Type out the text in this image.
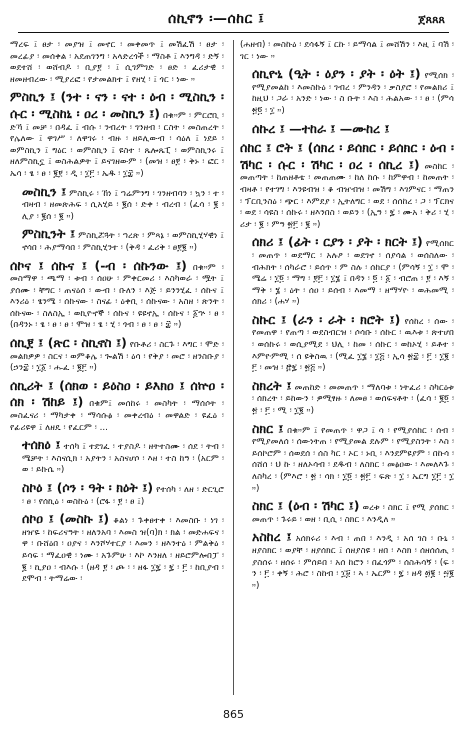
ሰኪኖን ፡—ሰከር ፤	ጀጸጸጸ

ማረፍ ፤ ፀታ ፡ መያዝ ፤ መኖር ፡ መቀመጥ ፤ መሽፈሽ ፡ ፀታ ፡ መረፊያ ፡ መሰቀል ፡ አደጠገንግ ፡ አላድረጎች ፡ ማስቶ ፤ እንግዳ ፡ ድኝ ፡ ወደተሸ ፡ ወሸብዶ ፡ ቢያ፻ ፡ ፤ ሲገምገድ ፡ ፀድ ፡ ፈሪታዊ ፡ ዘመዘብረው ፡ ሚያረፎ ፡ የታመልክተ ፤ የዘሂ ፡ ፤ ጎር ፡ ነው ።

ምስኪን ፤ (ንተ ፡ ናን ፡ ናተ ፡ ዕብ ፡ ሚስኪን ፡ ሱር ፡ ሚስከኒ ፡ ዐረ ፡ መስኪን ፤) በቁ።ም ፡ ምርሮቢ ፡ ድኻ ፤ መቻ ፡ በዳፈ ፤ ብሱ ፡ ንብረት ፡ ገንዘብ ፡ ርስት ፡ መስጠረት ፡ የሌለው ፤ ዋገሥ ፡ ለዋገሩ ፡ ብዙ ፡ ዘይሊውብ ፡ ሳዕለ ፤ ነደይ ፡ ወምስኪን ፤ ግዕር ፡ ወምስኪን ፤ ዩስተ ፡ ጼሎጼፒ ፡ ወምስኪንሩ ፤ ዘለምስኪኗ ፤ ወስሕልዎት ፤ ይናገዘውም ፡ (መዝ ፡ ፀ፻ ፡ ቅኑ ፡ ፎር ፡ ኤሳ ፡ ፄ ፡ ፀ ፡ ፪፻ ፡ ዲ ፡ ፲፫ ፡ ኤዱ ፡ ፲፰ ።)

መስኪን ፤ ምስኪሩ ፡ ኸነ ፤ ኀሬምንግ ፡ ገንዘብባን ፡ ኳን ፡ ተ ፡ ብዛብ ፡ ዘመጽሕፍ ፡ ሲአሂይ ፡ ፪ሰ ፡ ድቀ ፡ ብረብ ፡ (ፈሳ ፡ ፪ ፡ ሊያ ፡ ፪ሰ ፡ ፪ ።)

ምስኪንት ፤ ምስኪሯጓት ፡ ኀረጽ ፡ ምጻኔ ፡ ወምስኪሂሃዊነ ፤ ኖሳበ ፡ ሕያማሳበ ፡ ምስኪሂንተ ፡ (ቅዳ ፡ ፈሪቅ ፡ ፀ፻፪ ።)

ሰኮና ፤ ሰኩና ፤ (-ብ ፡ ሰኩንው ፤) በቁ።ም ፡ መስማዋ ፡ ጫማ ፡ ቱብ ፡ ሰዐሁ ፡ ምቀርመሪ ፡ እስካወራ ፡ ሟት ፤ ያሰሙ ፡ ቸግር ፡ ጠናዕሰ ፡ ውብ ፡ ቡለን ፡ እጅ ፡ ይንንሂፈ ፡ ሰኩና ፤ እንሪዕ ፡ ፄንሜ ፡ ሰኩናው ፡ ስናፊ ፡ ዕቀቢ ፡ ሰኩናው ፡ አስዘ ፡ ጽንት ፡ ሰኩናው ፡ ስለስኢ ፡ ወኪዮኖኞ ፡ ሰኩና ፡ ዩዩኖኢ ፡ ሰኩና ፡ ፩ኍ ፡ ፀ ፡ (በዳንኑ ፡ ፄ ፡ ፀ ፡ ፀ ፡ ሞዝ ፡ ፄ ፡ ሂ ፡ ጎብ ፡ ፀ ፡ ፀ ፡ ፰ ።)

ሰኪ፻ ፤ (ጽር ፡ ስኪኖስ ፤) የቡቶሪ ፡ ስርጉ ፡ እግር ፡ ሞድ ፡ መልክዎዎ ፡ ስርና ፡ ወምቆሌ ፡ ጐልሽ ፡ ዕሳ ፡ የቅያ ፡ መሮ ፡ ዘንስቡያ ፡ (ኃን፰ ፡ ፲፩ ፡ ሑፈ ፡ ፪፫ ።)

ሰኪሪት ፤ (ሰክወ ፡ ይዕስዐ ፡ ይእክዐ ፤ ሰኵዐ ፡ ሰክ ፡ ሽከይ ፤) በቁም፤ መሰከሩ ፡ መስካት ፡ ማሰሶት ፡ መስፈናሪ ፡ ማካታቀ ፡ ማሳሱፅ ፡ መቀረብዕ ፡ መዋልድ ፡ ዩፈዕ ፡ የፊሪዩዋ ፤ ለዘዴ ፡ የፈርም ፡ ...

ተሰክዕ ፤ ተሰካ ፤ ተደገፈ ፡ ተያስዶ ፡ ዘትተስሙ ፡ ሰደ ፡ ትብ ፡ ሜቻት ፡ እስናሲክ ፡ አያትን ፡ አስናሆሶ ፡ እዘ ፡ ተስ ከዓ ፡ (አርም ፡ ወ ፡ ይኩሴ ።)

ስኮዕ ፤ (ሶን ፡ ዓት ፡ ክዕት ፤) የተሰካ ፡ ለዘ ፡ ድርጊሮ ፡ ፀ ፡ የሰኪዕ ፡ ወስኩዕ ፡ (ሮፋ ፡ ፻ ፡ ፀ ፤)

ሰኮዐ ፤ (መስኩ ፤) ቆልነ ፡ ጉቀፀተቀ ፡ እመስቡ ፡ ነገ ፡ ዘዠዬ ፡ ከፍሪናዓት ፡ ዘለንአባ ፡ እመስ ዝ(ባ)ክ ፡ ክል ፡ መድሐፍና ፡ ዋ ፡ ቡሸዕበ ፡ ዐያና ፡ እንሾሃተርያ ፡ እመን ፡ ዘእንተዕ ፡ ምልቅዕ ፡ ይሳፍ ፡ ማፈዐዊ ፡ ነሙ ፡ አጉምሁ ፡ እኮ እንዘለ ፡ ዘይሮምሎበፓ ፡ ፪ ፡ ኪያዐ ፡ ብእሱ ፡ (ዘዳ ፻ ፡ ጮ ፡ ፡ ዘፋ ፲፯ ፡ ፯ ፡ ፫ ፡ ከቢያብ ፡ ደሞብ ፡ ትማሬው ፡

(ሐዘብ) ፡ መስኩዕ ፡ ደሳፋኝ ፤ ርኩ ፡ ይማሳል ፤ መሸሽን ፡ እዚ ፤ ባሽ ፡ ገር ፡ ነው ።

ሰኪዮኒ (ዒት ፡ ዕያን ፡ ያት ፡ ዕት ፤) የሚሰክ ፡ የሚያመልከ ፡ እመስኩዕ ፡ ገብረ ፡ ምንዳን ፡ ቃስያሮ ፡ የመልክሪ ፤ ከዚህ ፡ ጋራ ፡ አንድ ፡ ነው ፡ ስ ቡት ፡ እስ ፡ ሕልአው ፡ ፡ ፀ ፡ (ምሳ ፳፬ ፡ ፲ ።)

ሰኩረ ፤ —ተከራ ፤ —ሙከረ ፤

ሰከር ፤ ሮት ፤ (ሰክረ ፡ ይሰክር ፡ ይሰክር ፡ ዕብ ፡ ሽካር ፡ ሱር ፡ ሽካር ፡ ዐረ ፡ ሰኪረ ፤) መስከር ፡ መጠጣት ፡ ከጠዘቶቴ ፡ መጠጠሙ ፡ ከለ ከሱ ፡ ከምዋብ ፡ ከመጠት ፡ ብዛቶ ፡ የተገግ ፡ እንዩብዝ ፡ ቆ ብዠብዝ ፡ መሽግ ፡ እገምናር ፡ ማጠን ፡ ፕርቢንስዕ ፡ ጭር ፡ እምደያ ፡ ኢትለግር ፡ ወደ ፡ ሰሰከረ ፡ ጋ ፡ ፕርክና ፡ ወደ ፡ ሳዩስ ፡ ሰኩሩ ፡ ዘእንበስ ፡ ወይን ፡ (ኢዓ ፡ ፯ ፡ ሙአ ፡ ቅሪ ፡ ሂ ፡ ሪታ ፡ ፪ ፡ ምዓ ፳፫ ፡ ፪ ።)

ሰክሪ ፤ (ፊት ፡ ርያን ፡ ያት ፡ ክርት ፤) የሚሰክር ፡ መጠጥ ፡ ወደማር ፡ አሉዖ ፡ ወደገኖ ፡ ሰያሳል ፡ ወሰስለው ፡ ብሕክት ፡ ሰካራሮ ፡ ይሰጥ ፡ ም ስሉ ፡ ሰከርያ ፡ (ምሳኝ ፡ ፲ ፡ ሞ ፡ ሜሬ ፡ ፲፬ ፡ ማግ ፡ ፻፫ ፡ ፲፮ ፤ በዳን ፡ ፬ ፡ ፩ ፡ ብሮጠ ፡ ፻ ፡ እኝ ፡ ማቅ ፡ ፮ ፡ ዕት ፡ ሰዐ ፡ ይሰብ ፡ እመማ ፡ ዘማሃዮ ፡ ወሕመሚ ፡ ሰክሪ ፡ (ሐሃ ።)

ስኩር ፤ (ራን ፡ ራት ፡ ክሮት ፤) የሰከረ ፡ ሰው ፡ የመጠዋ ፡ የጠጣ ፡ ወደስብርዝ ፡ ሶሳቡ ፡ ሰኩር ፡ ዉእቱ ፡ ጽተሆበ ፡ ወሰኩሩ ፡ ወሲያሚደ ፡ ህሊ ፡ ከመ ፡ ሰኩር ፡ ወከኦሂ ፡ ይቶተ ፡ እምዮምሚ ፡ ሰ ዩቅስዉ ፡ (ሚፈ ፲፮ ፡ ፲፭ ፡ ኢሳ ፳፰ ፡ ፫ ፡ ፲፪ ፡ ፫ ፡ መዝ ፡ ፸፯ ፡ ፳፭ ።)

ስክረት ፤ መጠከድ ፡ መመጠጥ ፡ ማለባቱ ፡ ነትፈሪ ፡ ስካርዕቱ ፡ ሰክረት ፡ ይከውን ፡ ዎሚፃዙ ፡ ለመፀ ፡ ወሰፍናቶት ፡ (ፈሳ ፡ ፪፬ ፡ ፳ ፡ ፫ ፡ ሚ ፡ ፲፪ ።)

ስክር ፤ በቁ።ም ፤ የመጠጥ ፡ ዋጋ ፤ ሳ ፡ የሚያሰከር ፡ ሰብ ፡ የሚያመለሰ ፡ ሰውነትጠ ፡ የሚያመል ደሉም ፡ የሚያስንት ፡ እስ ፡ ይሰኮሮም ፡ ሰወደሰ ፡ ሰስ ካር ፡ ኦር ፡ ኑቢ ፡ እንደምዩያም ፡ በኩሳ ፡ ሰሸሰ ፡ ህ ኩ ፡ ዘለኦሳብ ፡ ደዱብ ፡ ለስክር ፡ መፅዐው ፡ እመለእጉ ፡ ለስካረ ፡ (ምእሮ ፡ ፳ ፡ ሳክ ፡ ፲፬ ፡ ፳፫ ፡ ፍጽ ፡ ፲ ፡ ኤርግ ፲፫ ፡ ፲ ።)

ስክር ፤ (ዕብ ፡ ሽካር ፤) ወረቱ ፡ ስክር ፤ የሚ ያሰክር ፡ መጠጥ ፡ ጉሩይ ፡ ወዘ ፡ ቢሲ ፡ ስክር ፡ እንዲለ ።

አስከረ ፤ አሰክሩሪ ፡ እብ ፡ ጠበ ፡ እንዲ ፡ አሰ ገስ ፡ ቡኒ ፡ ዘያስክር ፡ ወያቸ ፡ ዘያሰክር ፤ ሰዘያስዩ ፡ ዘበ ፡ እስክ ፡ ሰዘሰሰጢ ፡ ያስሰሩ ፡ ዘሰሩ ፡ ምሰይበ ፡ አሰ ከሮን ፡ በፈጎም ፡ ሰስሕሳኝ ፡ (ፍ ፡ ን ፡ ፫ ፡ ቀኝ ፡ ሕሮ ፡ ስከብ ፡ ፲፱ ፡ ኣ ፡ ኤርም ፡ ፯ ፡ ዘዳ ፴፪ ፡ ፵፪ ።)

865
